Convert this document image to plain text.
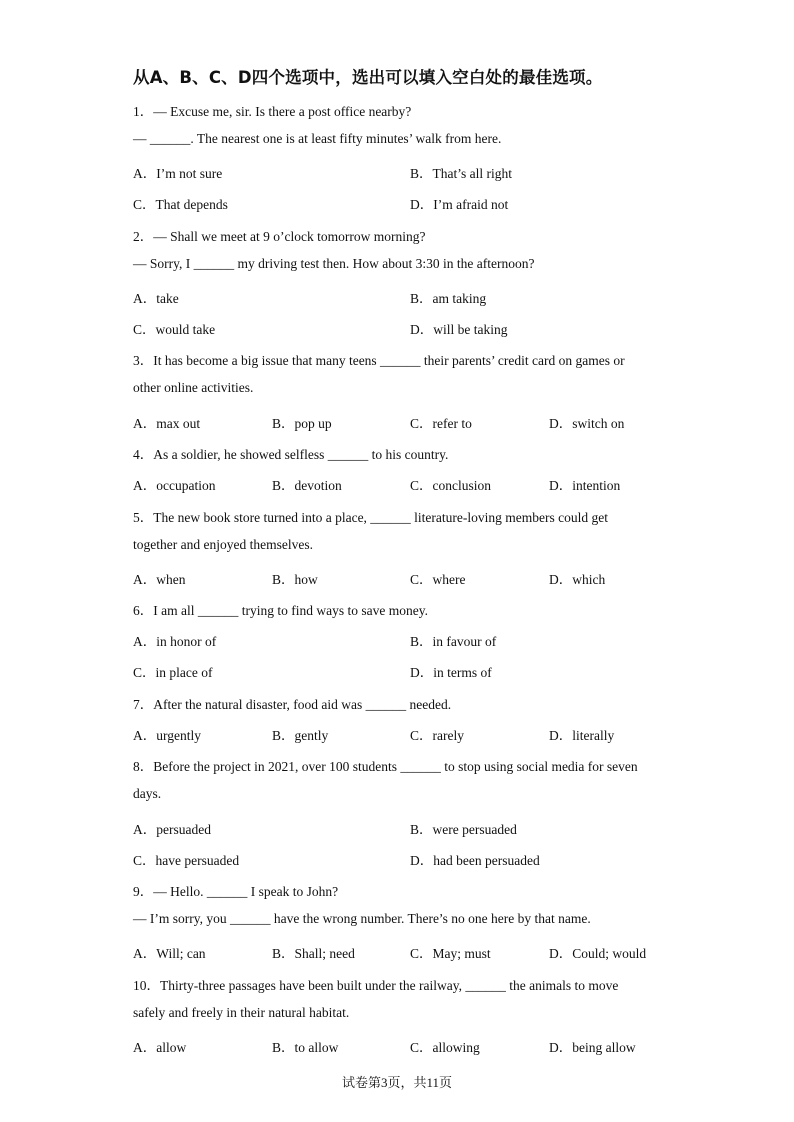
从A、B、C、D四个选项中，选出可以填入空白处的最佳选项。
1．— Excuse me, sir. Is there a post office nearby?
— ______. The nearest one is at least fifty minutes’ walk from here.
A．I’m not sure	B．That’s all right
C．That depends	D．I’m afraid not
2．— Shall we meet at 9 o’clock tomorrow morning?
— Sorry, I ______ my driving test then. How about 3:30 in the afternoon?
A．take	B．am taking
C．would take	D．will be taking
3．It has become a big issue that many teens ______ their parents’ credit card on games or
other online activities.
A．max out	B．pop up	C．refer to	D．switch on
4．As a soldier, he showed selfless ______ to his country.
A．occupation	B．devotion	C．conclusion	D．intention
5．The new book store turned into a place, ______ literature-loving members could get
together and enjoyed themselves.
A．when	B．how	C．where	D．which
6．I am all ______ trying to find ways to save money.
A．in honor of	B．in favour of
C．in place of	D．in terms of
7．After the natural disaster, food aid was ______ needed.
A．urgently	B．gently	C．rarely	D．literally
8．Before the project in 2021, over 100 students ______ to stop using social media for seven
days.
A．persuaded	B．were persuaded
C．have persuaded	D．had been persuaded
9．— Hello. ______ I speak to John?
— I’m sorry, you ______ have the wrong number. There’s no one here by that name.
A．Will; can	B．Shall; need	C．May; must	D．Could; would
10．Thirty-three passages have been built under the railway, ______ the animals to move
safely and freely in their natural habitat.
A．allow	B．to allow	C．allowing	D．being allow
试卷第3页，共11页
